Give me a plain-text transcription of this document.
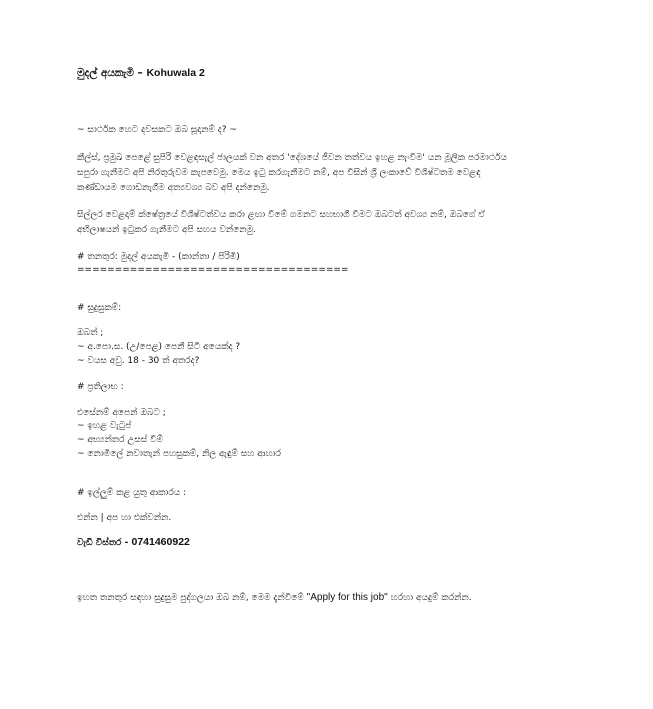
මුදල් අයකැමි – Kohuwala 2
~ සාර්ථක හෙට දවසකට ඔබ සූදානම් ද? ~
කීල්ස්, ප්‍රමුඛ පෙළේ සුපිරි වෙළඳසැල් ජාලයක් වන අතර 'දේශයේ ජීවන තත්වය ඉහළ නැංවීම' යන මූලික පරමාර්ථය
සපුරා ගැනීමට අපි නිරතුරුවම කැපවෙමු. මෙය ඉටු කරගැනීමට නම්, අප විසින් ශ්‍රී ලංකාවේ විශිෂ්ටතම වෙළඳ
කණ්ඩායම ගොඩනැගීම අත්‍යවශ්‍ය බව අපි දන්නෙමු.
සිල්ලර වෙළදාම් ක්ෂේත්‍රයේ විශිෂ්ටත්වය කරා ළඟා වීමේ ගමනට සහභාගී වීමට ඔබටත් අවශ්‍ය නම්, ඔබගේ ඒ
අභිලාෂයන් ඉටුකර ගැනීමට අපි සහය වන්නෙමු.
# තනතුර: මුදල් අයකැමි - (කාන්තා / පිරිමි)
====================================
# සුදුසුකම්:
ඔබත් ;
~ අ.පො.ස. (උ/පෙළ) පෙනී සිටි අයෙක්ද ?
~ වයස අවු. 18 - 30 ත් අතරද?
# ප්‍රතිලාභ :
එසේනම් අපෙන් ඔබට ;
~ ඉහළ වැටුප්
~ අභ්‍යන්තර උසස් වීම්
~ නොමිලේ නවාතැන් පහසුකම්, නිල ඇඳුම් සහ ආහාර
# ඉල්ලුම් කළ යුතු ආකාරය :
එන්න | අප හා එක්වන්න.
වැඩි විස්තර - 0741460922
ඉහත තනතුර සඳහා සුදුසුම පුද්ගලයා ඔබ නම්, මෙම දැන්වීමේ "Apply for this job" හරහා අයදුම් කරන්න.
